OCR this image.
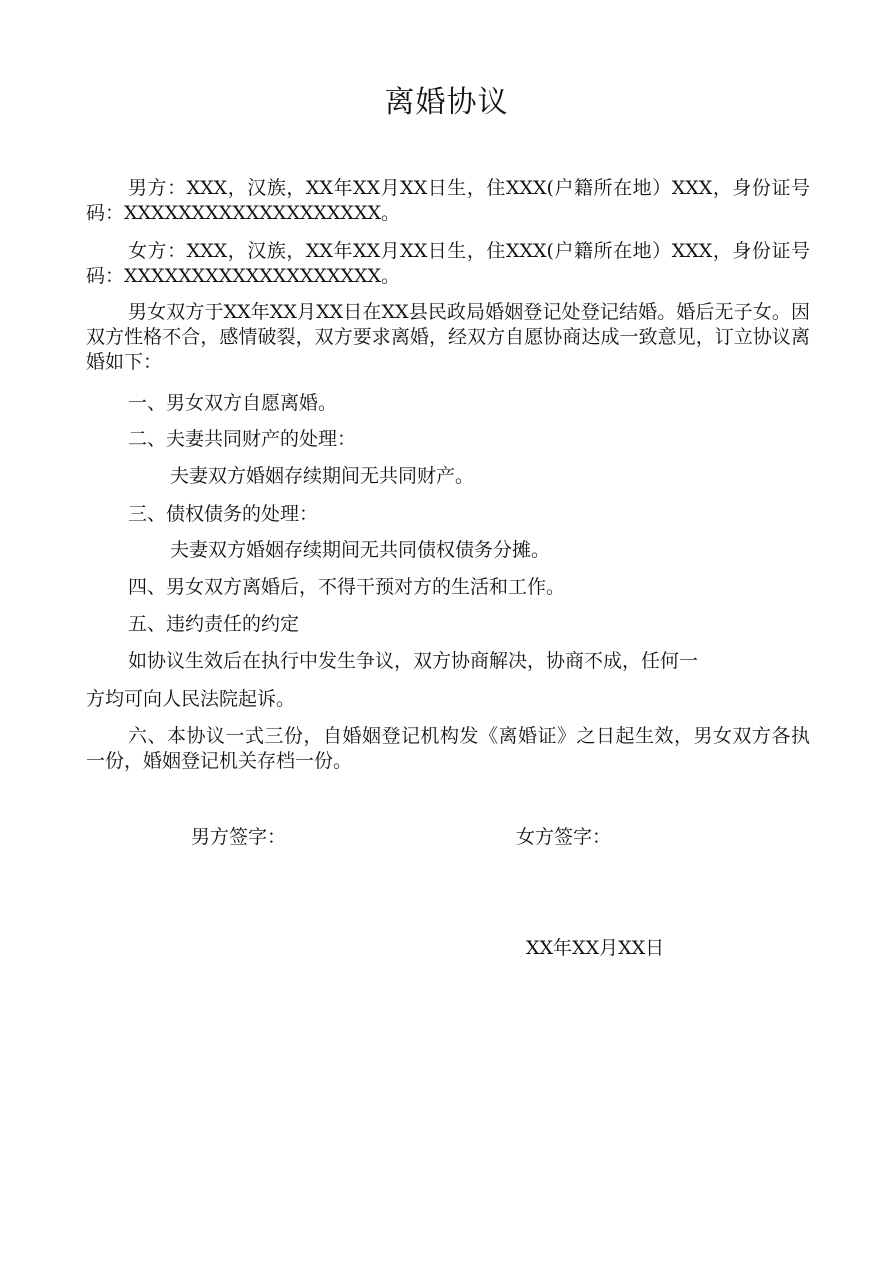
离婚协议
男方：XXX，汉族，XX年XX月XX日生，住XXX(户籍所在地）XXX，身份证号码：XXXXXXXXXXXXXXXXXXX。
女方：XXX，汉族，XX年XX月XX日生，住XXX(户籍所在地）XXX，身份证号码：XXXXXXXXXXXXXXXXXXX。
男女双方于XX年XX月XX日在XX县民政局婚姻登记处登记结婚。婚后无子女。因双方性格不合，感情破裂，双方要求离婚，经双方自愿协商达成一致意见，订立协议离婚如下：
一、男女双方自愿离婚。
二、夫妻共同财产的处理：
夫妻双方婚姻存续期间无共同财产。
三、债权债务的处理：
夫妻双方婚姻存续期间无共同债权债务分摊。
四、男女双方离婚后，不得干预对方的生活和工作。
五、违约责任的约定
如协议生效后在执行中发生争议，双方协商解决，协商不成，任何一
方均可向人民法院起诉。
六、本协议一式三份，自婚姻登记机构发《离婚证》之日起生效，男女双方各执一份，婚姻登记机关存档一份。
男方签字：	女方签字：
XX年XX月XX日
